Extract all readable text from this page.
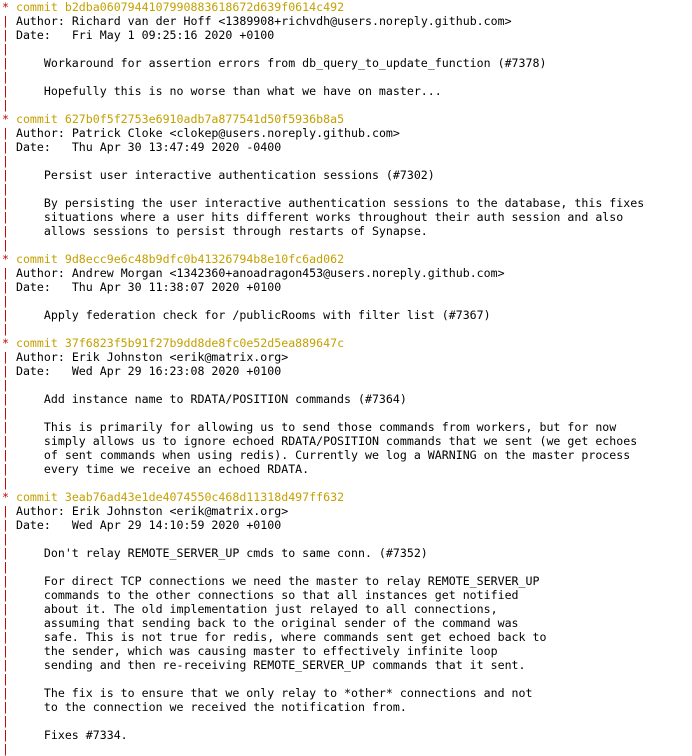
* commit b2dba0607944107990883618672d639f0614c492
| Author: Richard van der Hoff <1389908+richvdh@users.noreply.github.com>
| Date: Fri May 1 09:25:16 2020 +0100
|
|	Workaround for assertion errors from db_query_to_update_function (#7378)
|
|	Hopefully this is no worse than what we have on master...
|
* commit 627b0f5f2753e6910adb7a877541d50f5936b8a5
| Author: Patrick Cloke <clokep@users.noreply.github.com>
| Date: Thu Apr 30 13:47:49 2020 -0400
|
|	Persist user interactive authentication sessions (#7302)
|
|	By persisting the user interactive authentication sessions to the database, this fixes
|	situations where a user hits different works throughout their auth session and also
|	allows sessions to persist through restarts of Synapse.
|
* commit 9d8ecc9e6c48b9dfc0b41326794b8e10fc6ad062
| Author: Andrew Morgan <1342360+anoadragon453@users.noreply.github.com>
| Date: Thu Apr 30 11:38:07 2020 +0100
|
|	Apply federation check for /publicRooms with filter list (#7367)
|
* commit 37f6823f5b91f27b9dd8de8fc0e52d5ea889647c
| Author: Erik Johnston <erik@matrix.org>
| Date: Wed Apr 29 16:23:08 2020 +0100
|
|	Add instance name to RDATA/POSITION commands (#7364)
|
|	This is primarily for allowing us to send those commands from workers, but for now
|	simply allows us to ignore echoed RDATA/POSITION commands that we sent (we get echoes
|	of sent commands when using redis). Currently we log a WARNING on the master process
|	every time we receive an echoed RDATA.
|
* commit 3eab76ad43e1de4074550c468d11318d497ff632
| Author: Erik Johnston <erik@matrix.org>
| Date: Wed Apr 29 14:10:59 2020 +0100
|
|	Don't relay REMOTE_SERVER_UP cmds to same conn. (#7352)
|
|	For direct TCP connections we need the master to relay REMOTE_SERVER_UP
|	commands to the other connections so that all instances get notified
|	about it. The old implementation just relayed to all connections,
|	assuming that sending back to the original sender of the command was
|	safe. This is not true for redis, where commands sent get echoed back to
|	the sender, which was causing master to effectively infinite loop
|	sending and then re-receiving REMOTE_SERVER_UP commands that it sent.
|
|	The fix is to ensure that we only relay to *other* connections and not
|	to the connection we received the notification from.
|
|	Fixes #7334.
|
